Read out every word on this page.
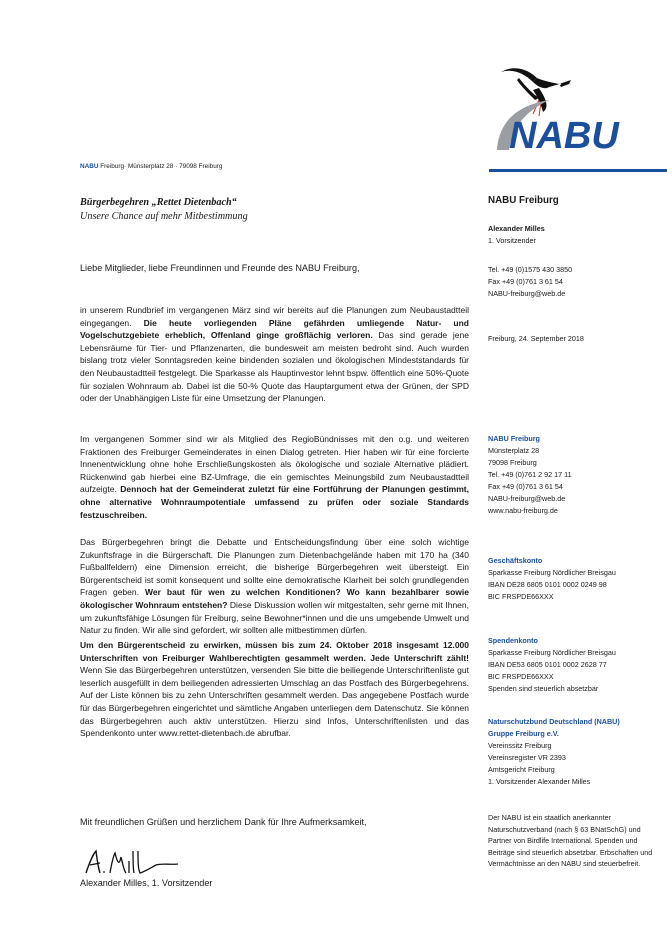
NABU
NABU Freiburg· Münsterplatz 28 · 79098 Freiburg
Bürgerbegehren „Rettet Dietenbach“
Unsere Chance auf mehr Mitbestimmung
Liebe Mitglieder, liebe Freundinnen und Freunde des NABU Freiburg,
in unserem Rundbrief im vergangenen März sind wir bereits auf die Planungen zum Neubaustadtteil eingegangen. Die heute vorliegenden Pläne gefährden umliegende Natur- und Vogelschutzgebiete erheblich, Offenland ginge großflächig verloren. Das sind gerade jene Lebensräume für Tier- und Pflanzenarten, die bundesweit am meisten bedroht sind. Auch wurden bislang trotz vieler Sonntagsreden keine bindenden sozialen und ökologischen Mindeststandards für den Neubaustadtteil festgelegt. Die Sparkasse als Hauptinvestor lehnt bspw. öffentlich eine 50%-Quote für sozialen Wohnraum ab. Dabei ist die 50-% Quote das Hauptargument etwa der Grünen, der SPD oder der Unabhängigen Liste für eine Umsetzung der Planungen.
Im vergangenen Sommer sind wir als Mitglied des RegioBündnisses mit den o.g. und weiteren Fraktionen des Freiburger Gemeinderates in einen Dialog getreten. Hier haben wir für eine forcierte Innenentwicklung ohne hohe Erschließungskosten als ökologische und soziale Alternative plädiert. Rückenwind gab hierbei eine BZ-Umfrage, die ein gemischtes Meinungsbild zum Neubaustadtteil aufzeigte. Dennoch hat der Gemeinderat zuletzt für eine Fortführung der Planungen gestimmt, ohne alternative Wohnraumpotentiale umfassend zu prüfen oder soziale Standards festzuschreiben.
Das Bürgerbegehren bringt die Debatte und Entscheidungsfindung über eine solch wichtige Zukunftsfrage in die Bürgerschaft. Die Planungen zum Dietenbachgelände haben mit 170 ha (340 Fußballfeldern) eine Dimension erreicht, die bisherige Bürgerbegehren weit übersteigt. Ein Bürgerentscheid ist somit konsequent und sollte eine demokratische Klarheit bei solch grundlegenden Fragen geben. Wer baut für wen zu welchen Konditionen? Wo kann bezahlbarer sowie ökologischer Wohnraum entstehen? Diese Diskussion wollen wir mitgestalten, sehr gerne mit Ihnen, um zukunftsfähige Lösungen für Freiburg, seine Bewohner*innen und die uns umgebende Umwelt und Natur zu finden. Wir alle sind gefordert, wir sollten alle mitbestimmen dürfen.
Um den Bürgerentscheid zu erwirken, müssen bis zum 24. Oktober 2018 insgesamt 12.000 Unterschriften von Freiburger Wahlberechtigten gesammelt werden. Jede Unterschrift zählt! Wenn Sie das Bürgerbegehren unterstützen, versenden Sie bitte die beiliegende Unterschriftenliste gut leserlich ausgefüllt in dem beiliegenden adressierten Umschlag an das Postfach des Bürgerbegehrens. Auf der Liste können bis zu zehn Unterschriften gesammelt werden. Das angegebene Postfach wurde für das Bürgerbegehren eingerichtet und sämtliche Angaben unterliegen dem Datenschutz. Sie können das Bürgerbegehren auch aktiv unterstützen. Hierzu sind Infos, Unterschriftenlisten und das Spendenkonto unter www.rettet-dietenbach.de abrufbar.
Mit freundlichen Grüßen und herzlichem Dank für Ihre Aufmerksamkeit,
Alexander Milles, 1. Vorsitzender
NABU Freiburg
Alexander Milles
1. Vorsitzender
Tel. +49 (0)1575 430 3850
Fax +49 (0)761 3 61 54
NABU-freiburg@web.de
Freiburg, 24. September 2018
NABU Freiburg
Münsterplatz 28
79098 Freiburg
Tel. +49 (0)761 2 92 17 11
Fax +49 (0)761 3 61 54
NABU-freiburg@web.de
www.nabu-freiburg.de
Geschäftskonto
Sparkasse Freiburg Nördlicher Breisgau
IBAN DE28 6805 0101 0002 0249 98
BIC FRSPDE66XXX
Spendenkonto
Sparkasse Freiburg Nördlicher Breisgau
IBAN DE53 6805 0101 0002 2628 77
BIC FRSPDE66XXX
Spenden sind steuerlich absetzbar
Naturschutzbund Deutschland (NABU)
Gruppe Freiburg e.V.
Vereinssitz Freiburg
Vereinsregister VR 2393
Amtsgericht Freiburg
1. Vorsitzender Alexander Milles
Der NABU ist ein staatlich anerkannter Naturschutzverband (nach § 63 BNatSchG) und Partner von Birdlife International. Spenden und Beiträge sind steuerlich absetzbar. Erbschaften und Vermächtnisse an den NABU sind steuerbefreit.
